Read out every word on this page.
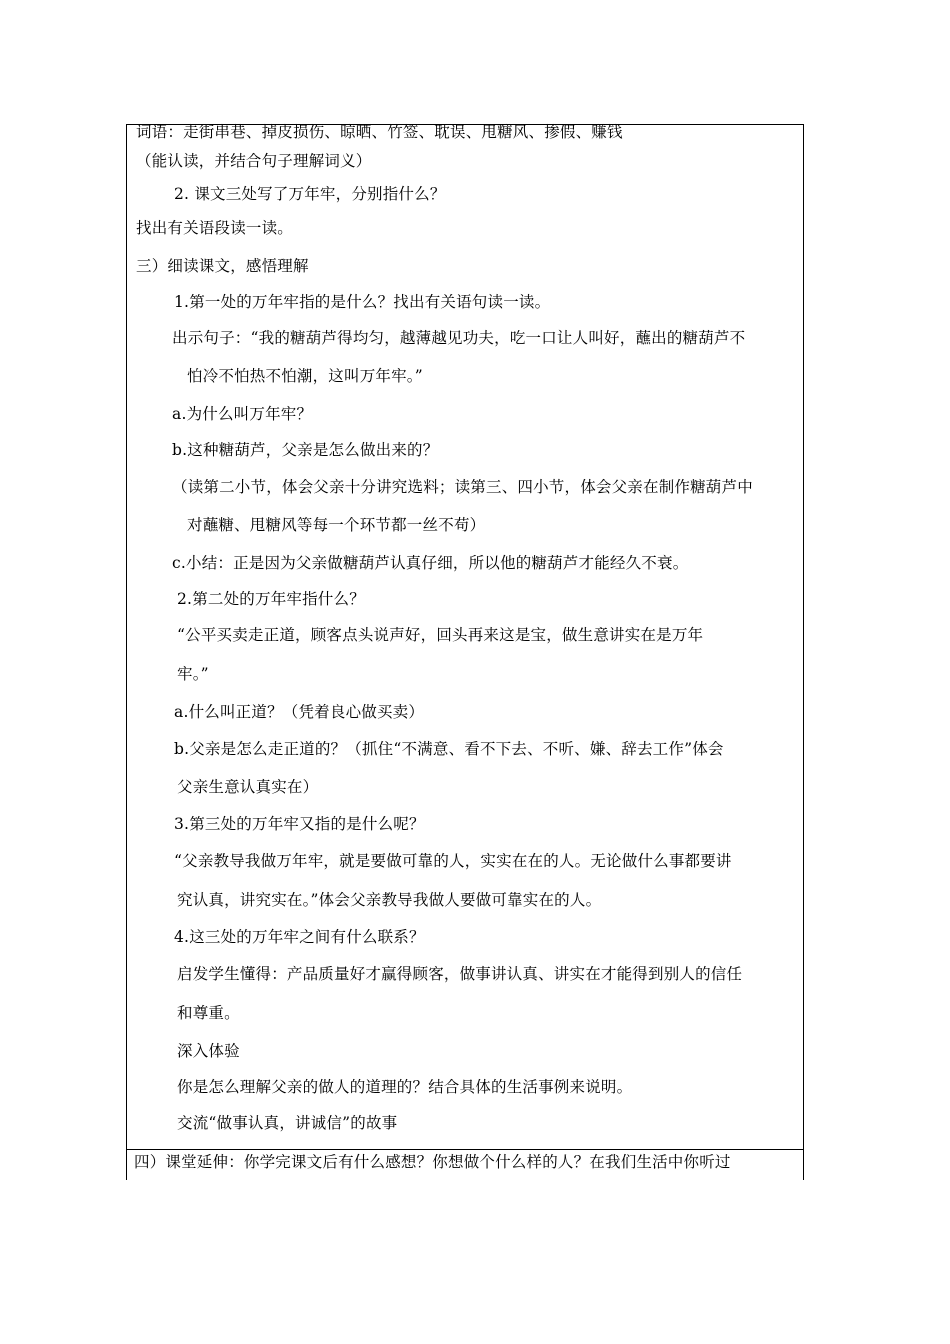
词语：走街串巷、掉皮损伤、晾晒、竹签、耽误、甩糖风、掺假、赚钱
（能认读，并结合句子理解词义）
2. 课文三处写了万年牢，分别指什么？
找出有关语段读一读。
三）细读课文，感悟理解
1.第一处的万年牢指的是什么？找出有关语句读一读。
出示句子：“我的糖葫芦得均匀，越薄越见功夫，吃一口让人叫好，蘸出的糖葫芦不
怕冷不怕热不怕潮，这叫万年牢。”
a.为什么叫万年牢？
b.这种糖葫芦，父亲是怎么做出来的？
（读第二小节，体会父亲十分讲究选料；读第三、四小节，体会父亲在制作糖葫芦中
对蘸糖、甩糖风等每一个环节都一丝不苟）
c.小结：正是因为父亲做糖葫芦认真仔细，所以他的糖葫芦才能经久不衰。
2.第二处的万年牢指什么？
“公平买卖走正道，顾客点头说声好，回头再来这是宝，做生意讲实在是万年
牢。”
a.什么叫正道？（凭着良心做买卖）
b.父亲是怎么走正道的？（抓住“不满意、看不下去、不听、嫌、辞去工作”体会
父亲生意认真实在）
3.第三处的万年牢又指的是什么呢？
“父亲教导我做万年牢，就是要做可靠的人，实实在在的人。无论做什么事都要讲
究认真，讲究实在。”体会父亲教导我做人要做可靠实在的人。
4.这三处的万年牢之间有什么联系？
启发学生懂得：产品质量好才赢得顾客，做事讲认真、讲实在才能得到别人的信任
和尊重。
深入体验
你是怎么理解父亲的做人的道理的？结合具体的生活事例来说明。
交流“做事认真，讲诚信”的故事
四）课堂延伸：你学完课文后有什么感想？你想做个什么样的人？在我们生活中你听过
